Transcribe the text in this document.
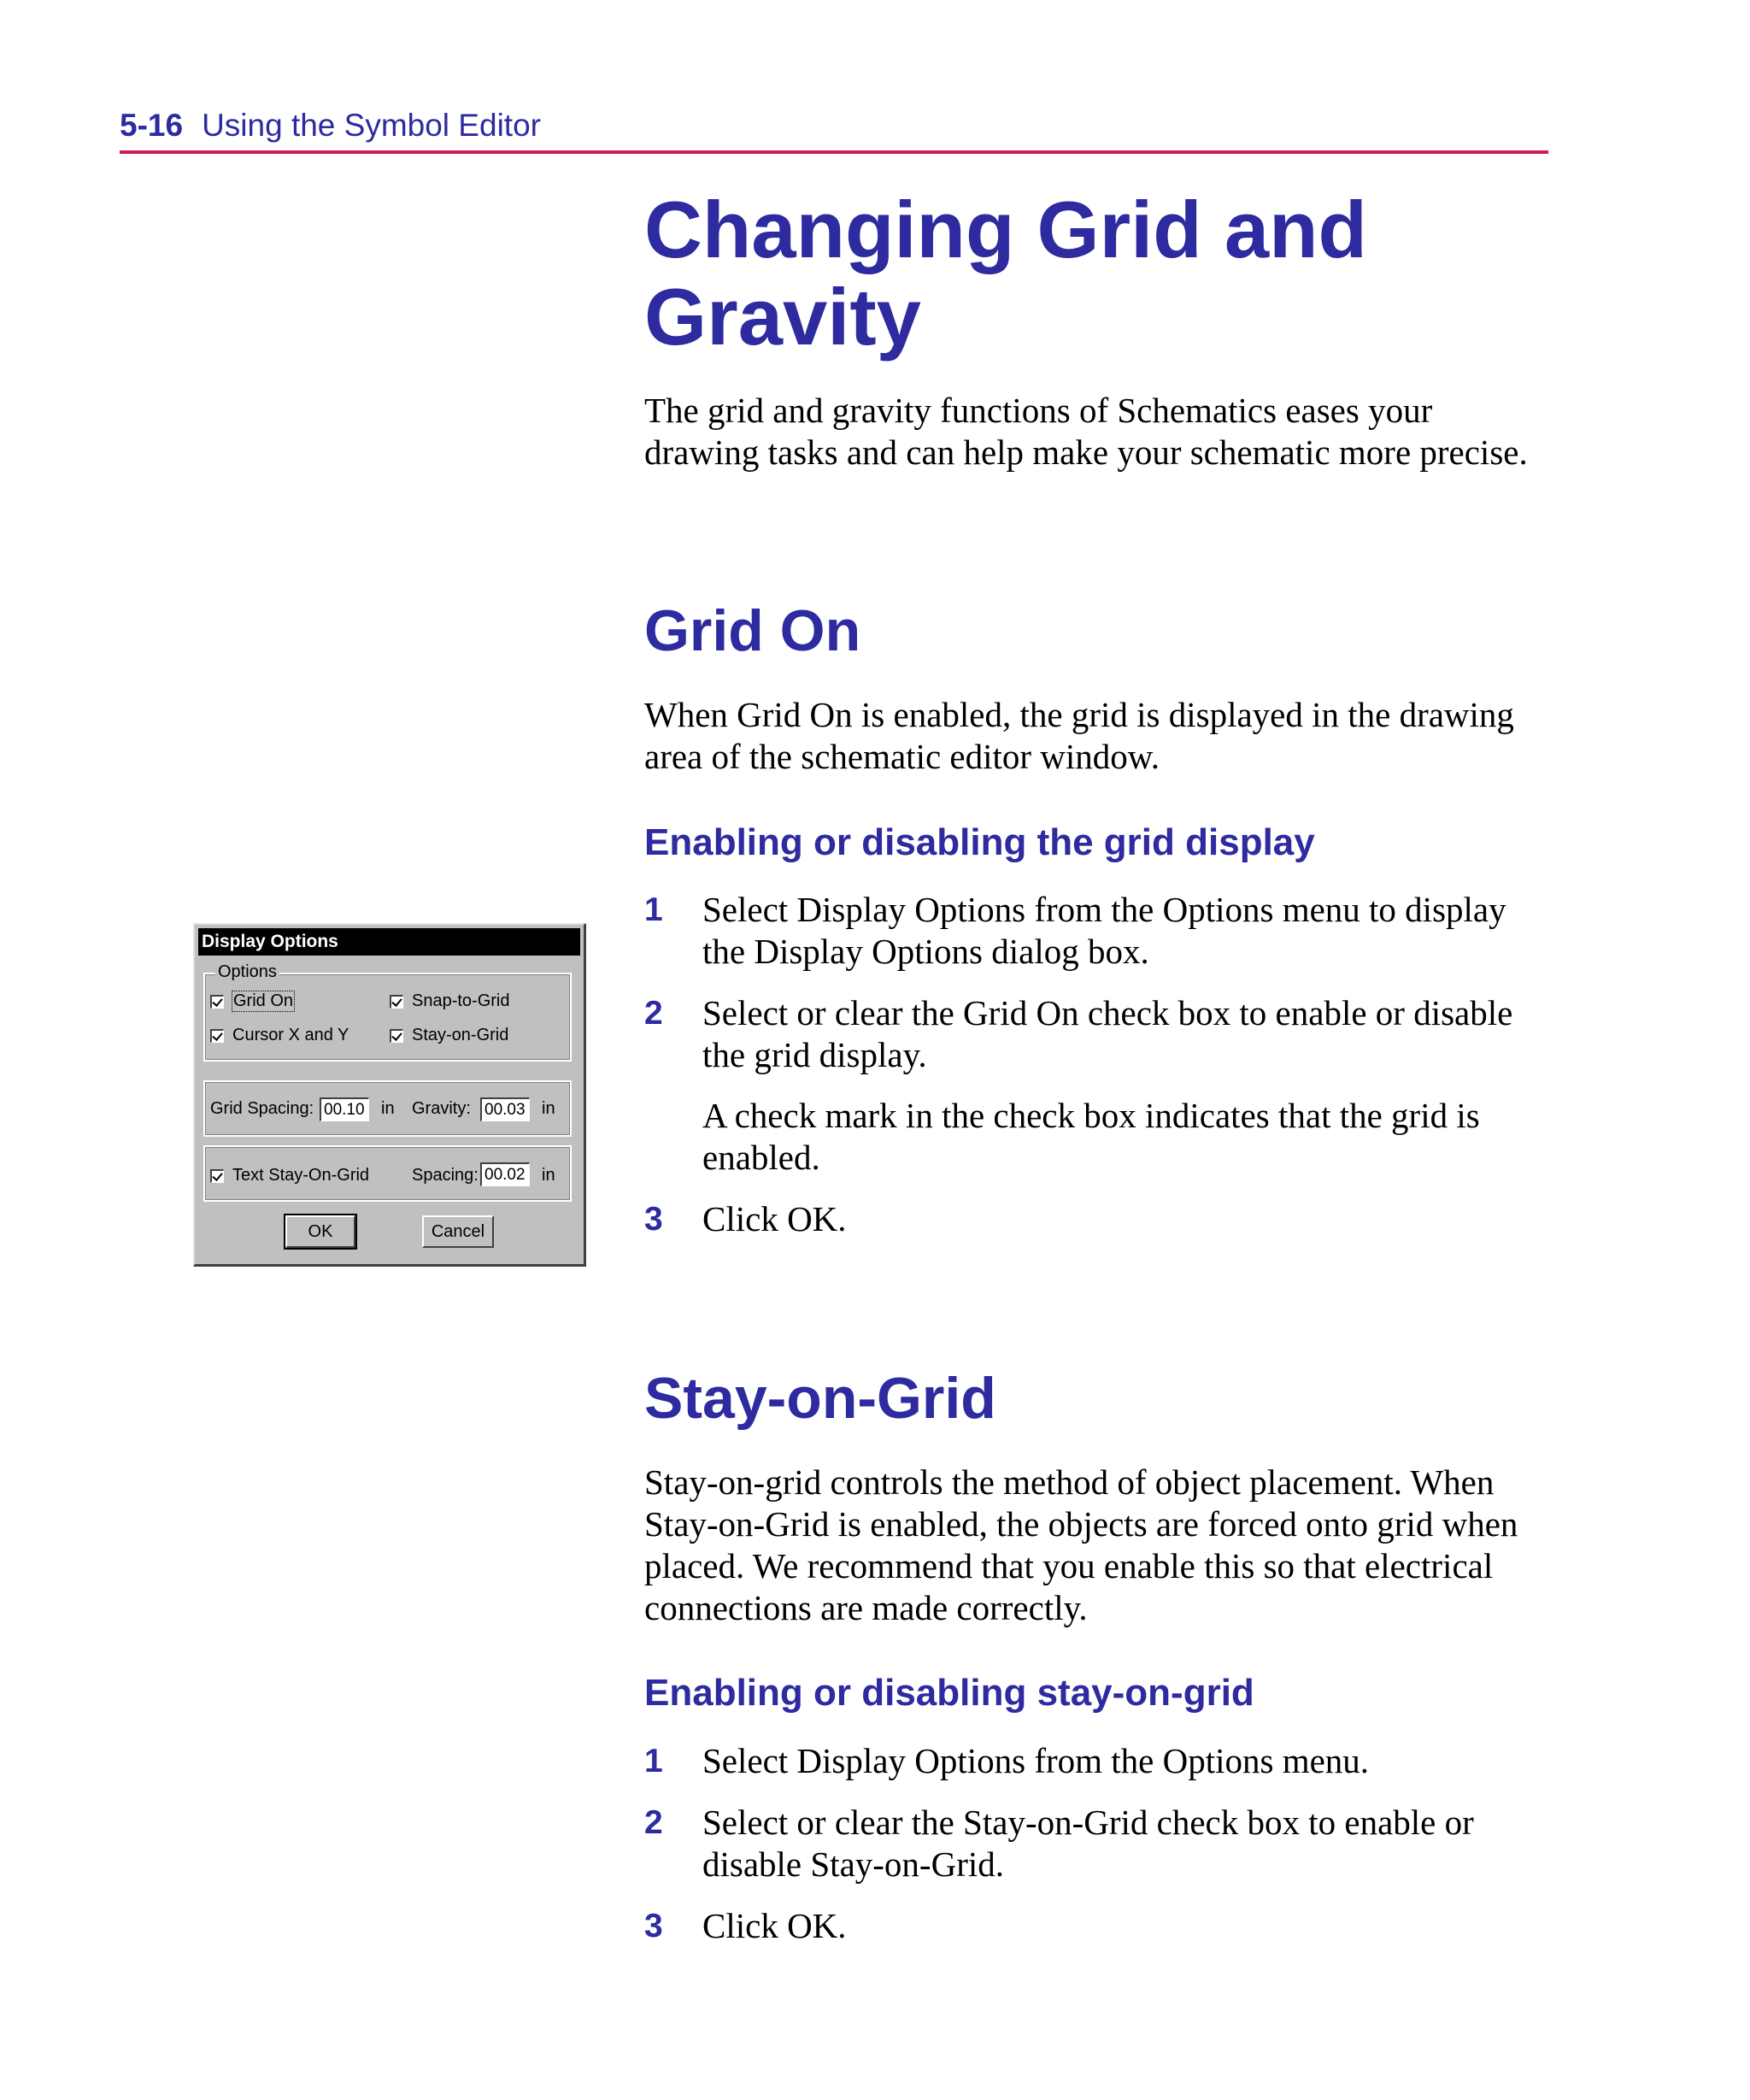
5-16 Using the Symbol Editor
Changing Grid and Gravity

The grid and gravity functions of Schematics eases your drawing tasks and can help make your schematic more precise.

Grid On

When Grid On is enabled, the grid is displayed in the drawing area of the schematic editor window.

Enabling or disabling the grid display
1 Select Display Options from the Options menu to display the Display Options dialog box.
2 Select or clear the Grid On check box to enable or disable the grid display.
A check mark in the check box indicates that the grid is enabled.
3 Click OK.
Stay-on-Grid

Stay-on-grid controls the method of object placement. When Stay-on-Grid is enabled, the objects are forced onto grid when placed. We recommend that you enable this so that electrical connections are made correctly.

Enabling or disabling stay-on-grid
1 Select Display Options from the Options menu.
2 Select or clear the Stay-on-Grid check box to enable or disable Stay-on-Grid.
3 Click OK.
Display Options
Options
Grid On	Snap-to-Grid
Cursor X and Y	Stay-on-Grid
Grid Spacing: 00.10 in Gravity: 00.03 in
Text Stay-On-Grid Spacing: 00.02 in
OK	Cancel
